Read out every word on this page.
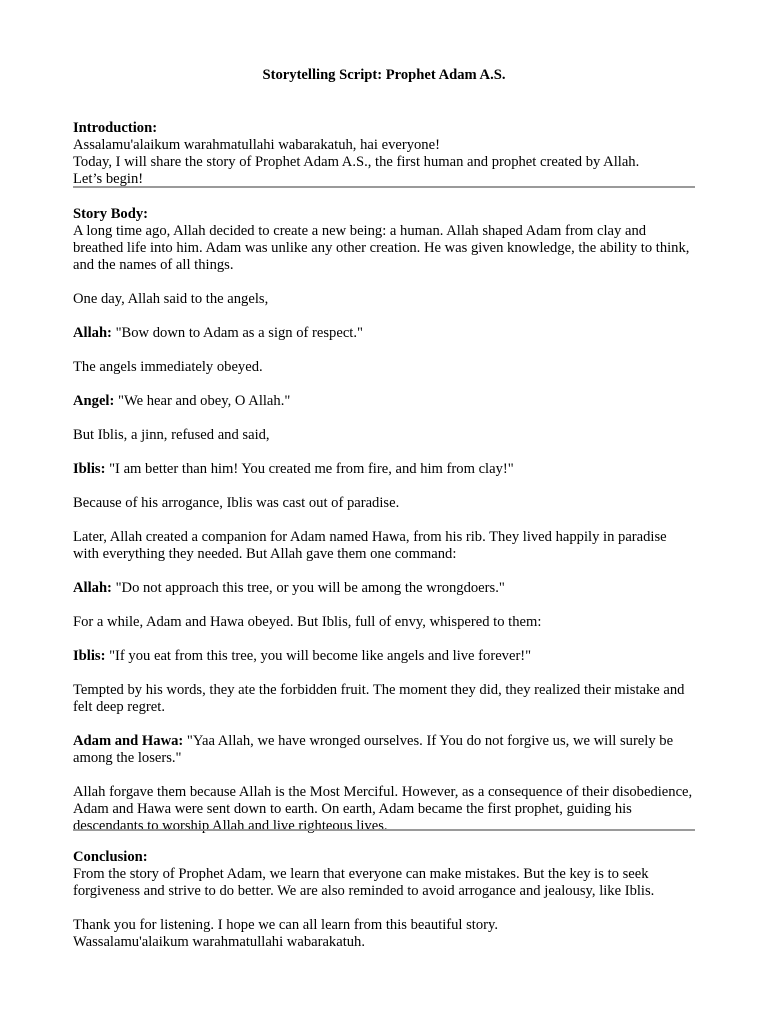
Storytelling Script: Prophet Adam A.S.
Introduction:
Assalamu'alaikum warahmatullahi wabarakatuh, hai everyone!
Today, I will share the story of Prophet Adam A.S., the first human and prophet created by Allah.
Let’s begin!
Story Body:
A long time ago, Allah decided to create a new being: a human. Allah shaped Adam from clay and breathed life into him. Adam was unlike any other creation. He was given knowledge, the ability to think, and the names of all things.
One day, Allah said to the angels,
Allah: "Bow down to Adam as a sign of respect."
The angels immediately obeyed.
Angel: "We hear and obey, O Allah."
But Iblis, a jinn, refused and said,
Iblis: "I am better than him! You created me from fire, and him from clay!"
Because of his arrogance, Iblis was cast out of paradise.
Later, Allah created a companion for Adam named Hawa, from his rib. They lived happily in paradise with everything they needed. But Allah gave them one command:
Allah: "Do not approach this tree, or you will be among the wrongdoers."
For a while, Adam and Hawa obeyed. But Iblis, full of envy, whispered to them:
Iblis: "If you eat from this tree, you will become like angels and live forever!"
Tempted by his words, they ate the forbidden fruit. The moment they did, they realized their mistake and felt deep regret.
Adam and Hawa: "Yaa Allah, we have wronged ourselves. If You do not forgive us, we will surely be among the losers."
Allah forgave them because Allah is the Most Merciful. However, as a consequence of their disobedience, Adam and Hawa were sent down to earth. On earth, Adam became the first prophet, guiding his descendants to worship Allah and live righteous lives.
Conclusion:
From the story of Prophet Adam, we learn that everyone can make mistakes. But the key is to seek forgiveness and strive to do better. We are also reminded to avoid arrogance and jealousy, like Iblis.
Thank you for listening. I hope we can all learn from this beautiful story.
Wassalamu'alaikum warahmatullahi wabarakatuh.
